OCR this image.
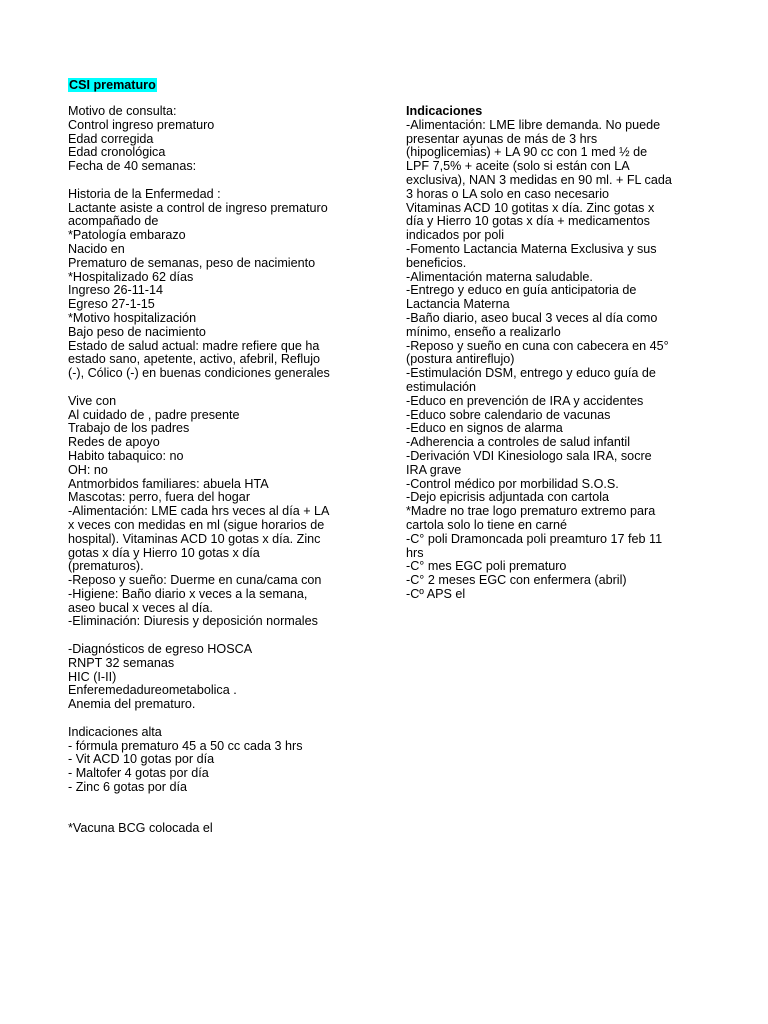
CSI prematuro
Motivo de consulta:
Control ingreso prematuro
Edad corregida
Edad cronológica
Fecha de 40 semanas:
Historia de la Enfermedad :
Lactante asiste a control de ingreso prematuro
acompañado de
*Patología embarazo
Nacido en
Prematuro de semanas, peso de nacimiento
*Hospitalizado 62 días
Ingreso 26-11-14
Egreso 27-1-15
*Motivo hospitalización
Bajo peso de nacimiento
Estado de salud actual: madre refiere que ha
estado sano, apetente, activo, afebril, Reflujo
(-), Cólico (-) en buenas condiciones generales
Vive con
Al cuidado de , padre presente
Trabajo de los padres
Redes de apoyo
Habito tabaquico: no
OH: no
Antmorbidos familiares: abuela HTA
Mascotas: perro, fuera del hogar
-Alimentación: LME cada hrs veces al día + LA
x veces con medidas en ml (sigue horarios de
hospital). Vitaminas ACD 10 gotas x día. Zinc
gotas x día y Hierro 10 gotas x día
(prematuros).
-Reposo y sueño: Duerme en cuna/cama con
-Higiene: Baño diario x veces a la semana,
aseo bucal x veces al día.
-Eliminación: Diuresis y deposición normales
-Diagnósticos de egreso HOSCA
RNPT 32 semanas
HIC (I-II)
Enferemedadureometabolica .
Anemia del prematuro.
Indicaciones alta
- fórmula prematuro 45 a 50 cc cada 3 hrs
- Vit ACD 10 gotas por día
- Maltofer 4 gotas por día
- Zinc 6 gotas por día
*Vacuna BCG colocada el
Indicaciones
-Alimentación: LME libre demanda. No puede
presentar ayunas de más de 3 hrs
(hipoglicemias) + LA 90 cc con 1 med ½ de
LPF 7,5% + aceite (solo si están con LA
exclusiva), NAN 3 medidas en 90 ml. + FL cada
3 horas o LA solo en caso necesario
Vitaminas ACD 10 gotitas x día. Zinc gotas x
día y Hierro 10 gotas x día + medicamentos
indicados por poli
-Fomento Lactancia Materna Exclusiva y sus
beneficios.
-Alimentación materna saludable.
-Entrego y educo en guía anticipatoria de
Lactancia Materna
-Baño diario, aseo bucal 3 veces al día como
mínimo, enseño a realizarlo
-Reposo y sueño en cuna con cabecera en 45°
(postura antireflujo)
-Estimulación DSM, entrego y educo guía de
estimulación
-Educo en prevención de IRA y accidentes
-Educo sobre calendario de vacunas
-Educo en signos de alarma
-Adherencia a controles de salud infantil
-Derivación VDI Kinesiologo sala IRA, socre
IRA grave
-Control médico por morbilidad S.O.S.
-Dejo epicrisis adjuntada con cartola
*Madre no trae logo prematuro extremo para
cartola solo lo tiene en carné
-C° poli Dramoncada poli preamturo 17 feb 11
hrs
-C° mes EGC poli prematuro
-C° 2 meses EGC con enfermera (abril)
-Cº APS el
